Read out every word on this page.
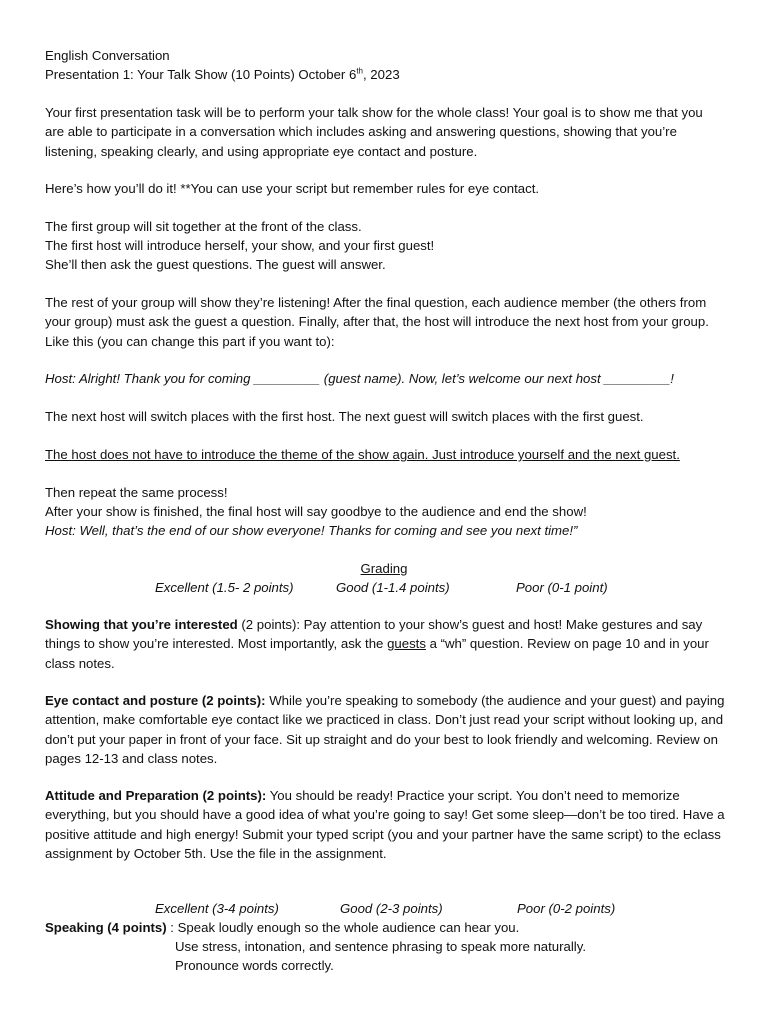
English Conversation

Presentation 1: Your Talk Show (10 Points) October 6th, 2023

Your first presentation task will be to perform your talk show for the whole class! Your goal is to show me that you are able to participate in a conversation which includes asking and answering questions, showing that you’re listening, speaking clearly, and using appropriate eye contact and posture.

Here’s how you’ll do it! **You can use your script but remember rules for eye contact.

The first group will sit together at the front of the class.

The first host will introduce herself, your show, and your first guest!

She’ll then ask the guest questions. The guest will answer.

The rest of your group will show they’re listening! After the final question, each audience member (the others from your group) must ask the guest a question. Finally, after that, the host will introduce the next host from your group. Like this (you can change this part if you want to):

Host: Alright! Thank you for coming _________ (guest name). Now, let’s welcome our next host _________!

The next host will switch places with the first host. The next guest will switch places with the first guest.

The host does not have to introduce the theme of the show again. Just introduce yourself and the next guest.

Then repeat the same process!

After your show is finished, the final host will say goodbye to the audience and end the show!

Host: Well, that’s the end of our show everyone! Thanks for coming and see you next time!”

Grading

Excellent (1.5- 2 points)	Good (1-1.4 points)	Poor (0-1 point)

Showing that you’re interested (2 points): Pay attention to your show’s guest and host! Make gestures and say things to show you’re interested. Most importantly, ask the guests a “wh” question. Review on page 10 and in your class notes.

Eye contact and posture (2 points): While you’re speaking to somebody (the audience and your guest) and paying attention, make comfortable eye contact like we practiced in class. Don’t just read your script without looking up, and don’t put your paper in front of your face. Sit up straight and do your best to look friendly and welcoming. Review on pages 12-13 and class notes.

Attitude and Preparation (2 points): You should be ready! Practice your script. You don’t need to memorize everything, but you should have a good idea of what you’re going to say! Get some sleep—don’t be too tired. Have a positive attitude and high energy! Submit your typed script (you and your partner have the same script) to the eclass assignment by October 5th. Use the file in the assignment.

Excellent (3-4 points)	Good (2-3 points)	Poor (0-2 points)

Speaking (4 points) : Speak loudly enough so the whole audience can hear you.

Use stress, intonation, and sentence phrasing to speak more naturally.

Pronounce words correctly.
